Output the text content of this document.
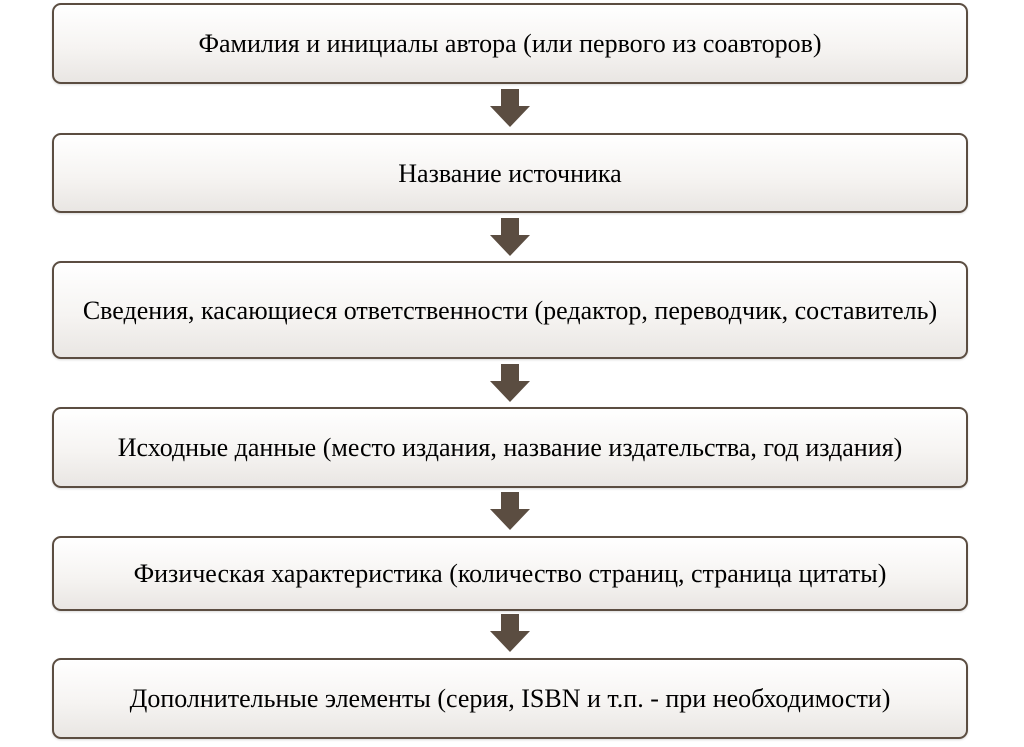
Фамилия и инициалы автора (или первого из соавторов)
Название источника
Сведения, касающиеся ответственности (редактор, переводчик, составитель)
Исходные данные (место издания, название издательства, год издания)
Физическая характеристика (количество страниц, страница цитаты)
Дополнительные элементы (серия, ISBN и т.п. - при необходимости)
